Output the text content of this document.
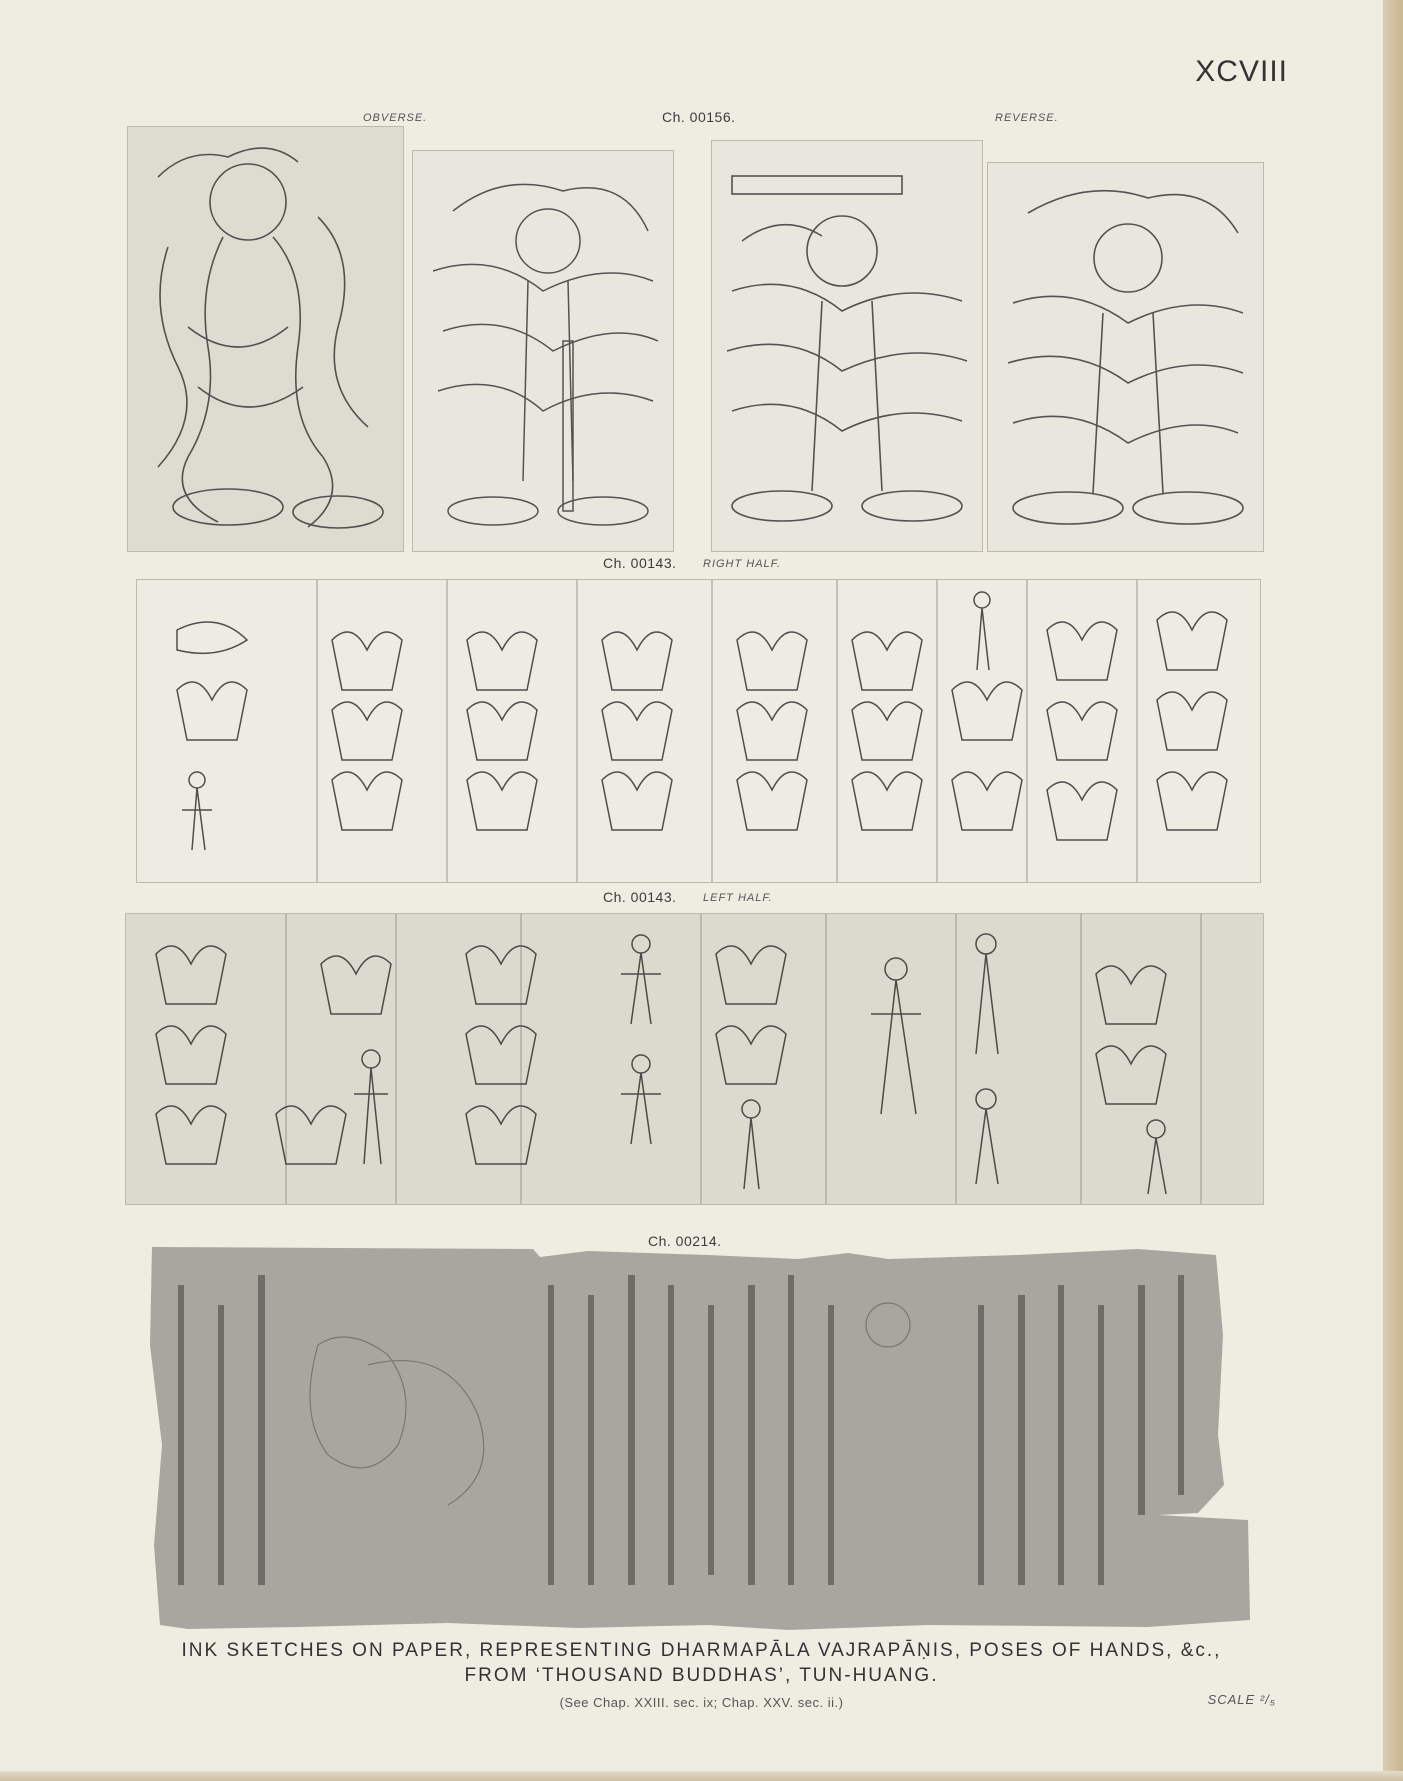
XCVIII
OBVERSE.	Ch. 00156.	REVERSE.
Ch. 00143. RIGHT HALF.
Ch. 00143. LEFT HALF.
Ch. 00214.
INK SKETCHES ON PAPER, REPRESENTING DHARMAPĀLA VAJRAPĀṆIS, POSES OF HANDS, &c.,
FROM ‘THOUSAND BUDDHAS’, TUN-HUANG.
(See Chap. XXIII. sec. ix; Chap. XXV. sec. ii.)	SCALE ²/₅
